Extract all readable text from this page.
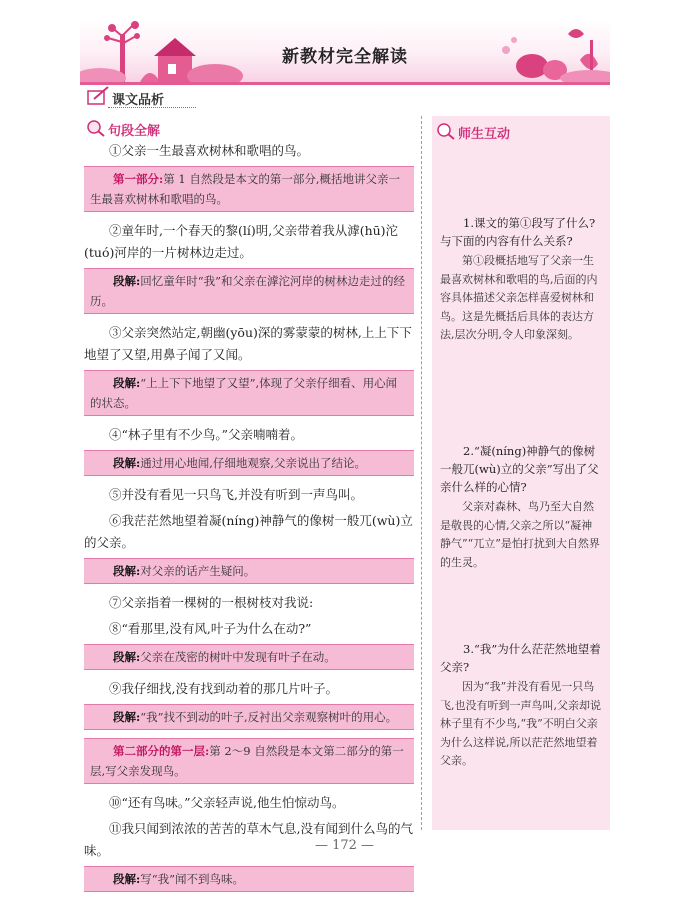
新教材完全解读
课文品析
句段全解
①父亲一生最喜欢树林和歌唱的鸟。
第一部分:第 1 自然段是本文的第一部分,概括地讲父亲一生最喜欢树林和歌唱的鸟。
②童年时,一个春天的黎(lí)明,父亲带着我从滹(hū)沱(tuó)河岸的一片树林边走过。
段解:回忆童年时“我”和父亲在滹沱河岸的树林边走过的经历。
③父亲突然站定,朝幽(yōu)深的雾蒙蒙的树林,上上下下地望了又望,用鼻子闻了又闻。
段解:“上上下下地望了又望”,体现了父亲仔细看、用心闻的状态。
④“林子里有不少鸟。”父亲喃喃着。
段解:通过用心地闻,仔细地观察,父亲说出了结论。
⑤并没有看见一只鸟飞,并没有听到一声鸟叫。
⑥我茫茫然地望着凝(níng)神静气的像树一般兀(wù)立的父亲。
段解:对父亲的话产生疑问。
⑦父亲指着一棵树的一根树枝对我说:
⑧“看那里,没有风,叶子为什么在动?”
段解:父亲在茂密的树叶中发现有叶子在动。
⑨我仔细找,没有找到动着的那几片叶子。
段解:“我”找不到动的叶子,反衬出父亲观察树叶的用心。
第二部分的第一层:第 2～9 自然段是本文第二部分的第一层,写父亲发现鸟。
⑩“还有鸟味。”父亲轻声说,他生怕惊动鸟。
⑪我只闻到浓浓的苦苦的草木气息,没有闻到什么鸟的气味。
段解:写“我”闻不到鸟味。
师生互动
1.课文的第①段写了什么?与下面的内容有什么关系?
第①段概括地写了父亲一生最喜欢树林和歌唱的鸟,后面的内容具体描述父亲怎样喜爱树林和鸟。这是先概括后具体的表达方法,层次分明,令人印象深刻。
2.“凝(níng)神静气的像树一般兀(wù)立的父亲”写出了父亲什么样的心情?
父亲对森林、鸟乃至大自然是敬畏的心情,父亲之所以“凝神静气”“兀立”是怕打扰到大自然界的生灵。
3.“我”为什么茫茫然地望着父亲?
因为“我”并没有看见一只鸟飞,也没有听到一声鸟叫,父亲却说林子里有不少鸟,“我”不明白父亲为什么这样说,所以茫茫然地望着父亲。
— 172 —
